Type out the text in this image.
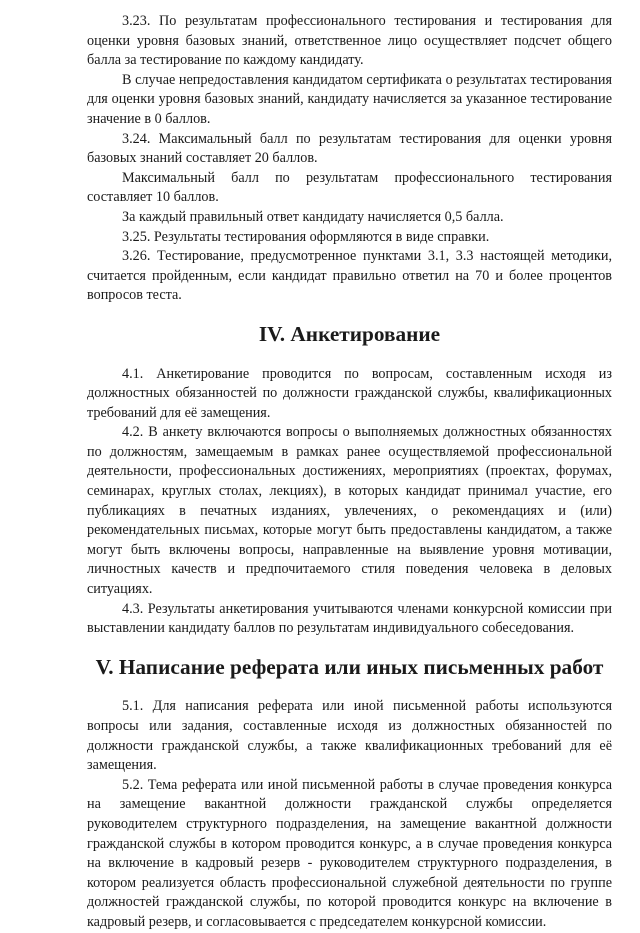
3.23. По результатам профессионального тестирования и тестирования для оценки уровня базовых знаний, ответственное лицо осуществляет подсчет общего балла за тестирование по каждому кандидату.

В случае непредоставления кандидатом сертификата о результатах тестирования для оценки уровня базовых знаний, кандидату начисляется за указанное тестирование значение в 0 баллов.

3.24. Максимальный балл по результатам тестирования для оценки уровня базовых знаний составляет 20 баллов.

Максимальный балл по результатам профессионального тестирования составляет 10 баллов.

За каждый правильный ответ кандидату начисляется 0,5 балла.

3.25. Результаты тестирования оформляются в виде справки.

3.26. Тестирование, предусмотренное пунктами 3.1, 3.3 настоящей методики, считается пройденным, если кандидат правильно ответил на 70 и более процентов вопросов теста.

IV. Анкетирование

4.1. Анкетирование проводится по вопросам, составленным исходя из должностных обязанностей по должности гражданской службы, квалификационных требований для её замещения.

4.2. В анкету включаются вопросы о выполняемых должностных обязанностях по должностям, замещаемым в рамках ранее осуществляемой профессиональной деятельности, профессиональных достижениях, мероприятиях (проектах, форумах, семинарах, круглых столах, лекциях), в которых кандидат принимал участие, его публикациях в печатных изданиях, увлечениях, о рекомендациях и (или) рекомендательных письмах, которые могут быть предоставлены кандидатом, а также могут быть включены вопросы, направленные на выявление уровня мотивации, личностных качеств и предпочитаемого стиля поведения человека в деловых ситуациях.

4.3. Результаты анкетирования учитываются членами конкурсной комиссии при выставлении кандидату баллов по результатам индивидуального собеседования.

V. Написание реферата или иных письменных работ

5.1. Для написания реферата или иной письменной работы используются вопросы или задания, составленные исходя из должностных обязанностей по должности гражданской службы, а также квалификационных требований для её замещения.

5.2. Тема реферата или иной письменной работы в случае проведения конкурса на замещение вакантной должности гражданской службы определяется руководителем структурного подразделения, на замещение вакантной должности гражданской службы в котором проводится конкурс, а в случае проведения конкурса на включение в кадровый резерв - руководителем структурного подразделения, в котором реализуется область профессиональной служебной деятельности по группе должностей гражданской службы, по которой проводится конкурс на включение в кадровый резерв, и согласовывается с председателем конкурсной комиссии.
